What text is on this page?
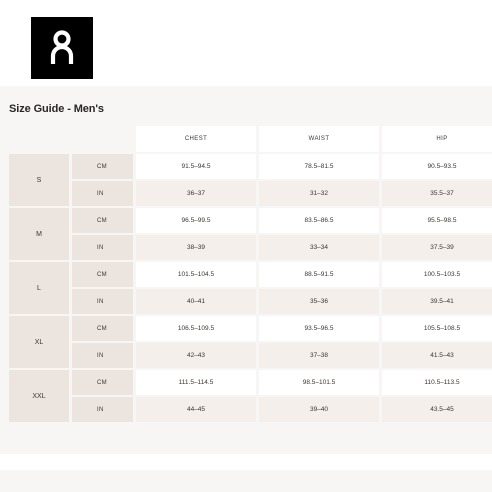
Size Guide - Men's
CHEST	WAIST	HIP
S
CM	91.5–94.5	78.5–81.5	90.5–93.5
IN	36–37	31–32	35.5–37
M
CM	96.5–99.5	83.5–86.5	95.5–98.5
IN	38–39	33–34	37.5–39
L
CM	101.5–104.5	88.5–91.5	100.5–103.5
IN	40–41	35–36	39.5–41
XL
CM	106.5–109.5	93.5–96.5	105.5–108.5
IN	42–43	37–38	41.5–43
XXL
CM	111.5–114.5	98.5–101.5	110.5–113.5
IN	44–45	39–40	43.5–45
